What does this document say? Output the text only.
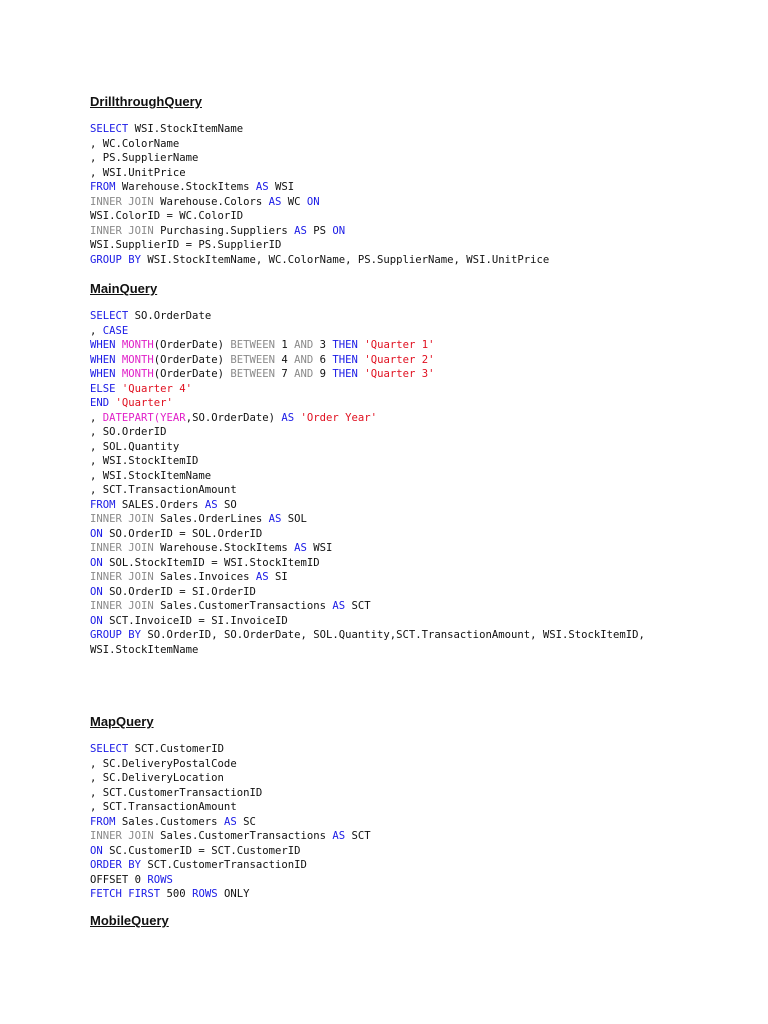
DrillthroughQuery
SELECT WSI.StockItemName
, WC.ColorName
, PS.SupplierName
, WSI.UnitPrice
FROM Warehouse.StockItems AS WSI
INNER JOIN Warehouse.Colors AS WC ON
WSI.ColorID = WC.ColorID
INNER JOIN Purchasing.Suppliers AS PS ON
WSI.SupplierID = PS.SupplierID
GROUP BY WSI.StockItemName, WC.ColorName, PS.SupplierName, WSI.UnitPrice
MainQuery
SELECT SO.OrderDate
, CASE
WHEN MONTH(OrderDate) BETWEEN 1 AND 3 THEN 'Quarter 1'
WHEN MONTH(OrderDate) BETWEEN 4 AND 6 THEN 'Quarter 2'
WHEN MONTH(OrderDate) BETWEEN 7 AND 9 THEN 'Quarter 3'
ELSE 'Quarter 4'
END 'Quarter'
, DATEPART(YEAR,SO.OrderDate) AS 'Order Year'
, SO.OrderID
, SOL.Quantity
, WSI.StockItemID
, WSI.StockItemName
, SCT.TransactionAmount
FROM SALES.Orders AS SO
INNER JOIN Sales.OrderLines AS SOL
ON SO.OrderID = SOL.OrderID
INNER JOIN Warehouse.StockItems AS WSI
ON SOL.StockItemID = WSI.StockItemID
INNER JOIN Sales.Invoices AS SI
ON SO.OrderID = SI.OrderID
INNER JOIN Sales.CustomerTransactions AS SCT
ON SCT.InvoiceID = SI.InvoiceID
GROUP BY SO.OrderID, SO.OrderDate, SOL.Quantity,SCT.TransactionAmount, WSI.StockItemID,
WSI.StockItemName
MapQuery
SELECT SCT.CustomerID
, SC.DeliveryPostalCode
, SC.DeliveryLocation
, SCT.CustomerTransactionID
, SCT.TransactionAmount
FROM Sales.Customers AS SC
INNER JOIN Sales.CustomerTransactions AS SCT
ON SC.CustomerID = SCT.CustomerID
ORDER BY SCT.CustomerTransactionID
OFFSET 0 ROWS
FETCH FIRST 500 ROWS ONLY
MobileQuery
